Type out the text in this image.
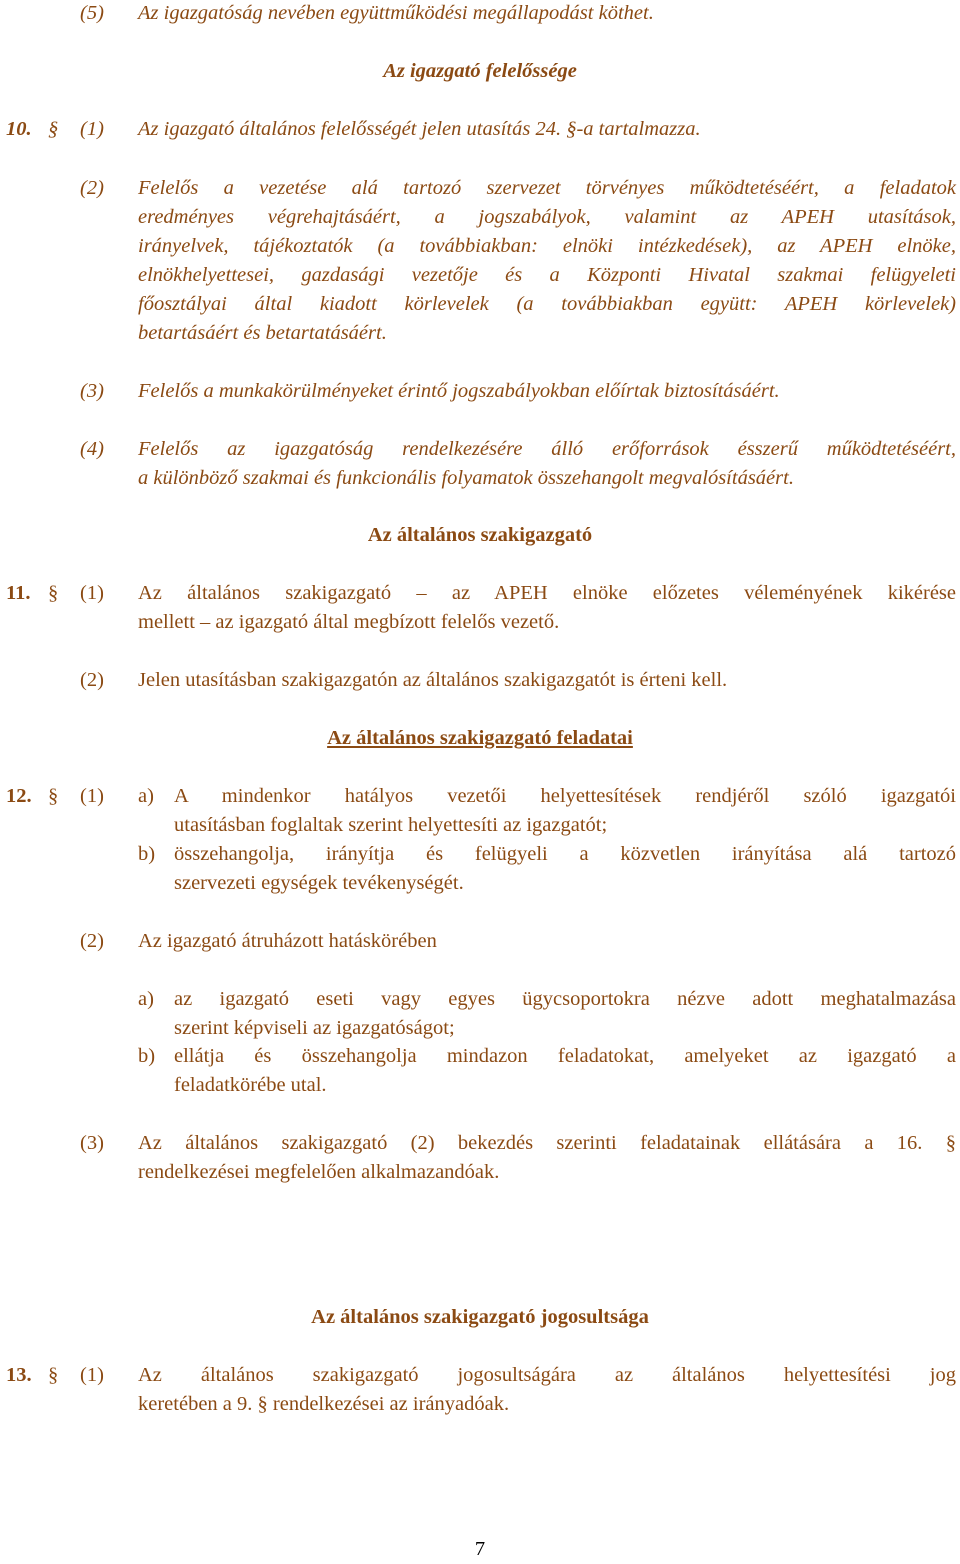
(5) Az igazgatóság nevében együttműködési megállapodást köthet.
Az igazgató felelőssége
10. § (1) Az igazgató általános felelősségét jelen utasítás 24. §-a tartalmazza.
(2) Felelős a vezetése alá tartozó szervezet törvényes működtetéséért, a feladatok
eredményes végrehajtásáért, a jogszabályok, valamint az APEH utasítások,
irányelvek, tájékoztatók (a továbbiakban: elnöki intézkedések), az APEH elnöke,
elnökhelyettesei, gazdasági vezetője és a Központi Hivatal szakmai felügyeleti
főosztályai által kiadott körlevelek (a továbbiakban együtt: APEH körlevelek)
betartásáért és betartatásáért.
(3) Felelős a munkakörülményeket érintő jogszabályokban előírtak biztosításáért.
(4) Felelős az igazgatóság rendelkezésére álló erőforrások ésszerű működtetéséért,
a különböző szakmai és funkcionális folyamatok összehangolt megvalósításáért.
Az általános szakigazgató
11. § (1) Az általános szakigazgató – az APEH elnöke előzetes véleményének kikérése
mellett – az igazgató által megbízott felelős vezető.
(2) Jelen utasításban szakigazgatón az általános szakigazgatót is érteni kell.
Az általános szakigazgató feladatai
12. § (1) a) A mindenkor hatályos vezetői helyettesítések rendjéről szóló igazgatói
utasításban foglaltak szerint helyettesíti az igazgatót;
b) összehangolja, irányítja és felügyeli a közvetlen irányítása alá tartozó
szervezeti egységek tevékenységét.
(2) Az igazgató átruházott hatáskörében
a) az igazgató eseti vagy egyes ügycsoportokra nézve adott meghatalmazása
szerint képviseli az igazgatóságot;
b) ellátja és összehangolja mindazon feladatokat, amelyeket az igazgató a
feladatkörébe utal.
(3) Az általános szakigazgató (2) bekezdés szerinti feladatainak ellátására a 16. §
rendelkezései megfelelően alkalmazandóak.
Az általános szakigazgató jogosultsága
13. § (1) Az általános szakigazgató jogosultságára az általános helyettesítési jog
keretében a 9. § rendelkezései az irányadóak.
7
